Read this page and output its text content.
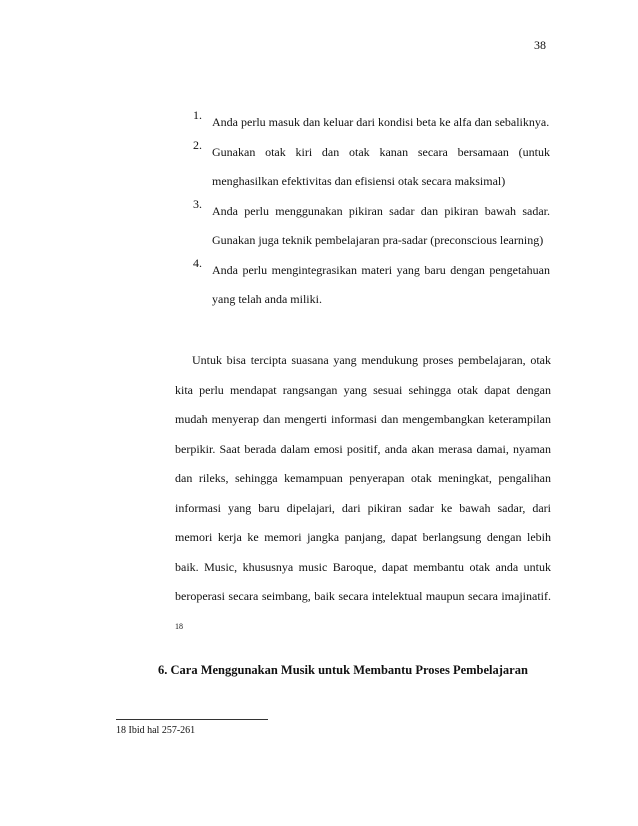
38
1. Anda perlu masuk dan keluar dari kondisi beta ke alfa dan sebaliknya.
2. Gunakan otak kiri dan otak kanan secara bersamaan (untuk menghasilkan efektivitas dan efisiensi otak secara maksimal)
3. Anda perlu menggunakan pikiran sadar dan pikiran bawah sadar. Gunakan juga teknik pembelajaran pra-sadar (preconscious learning)
4. Anda perlu mengintegrasikan materi yang baru dengan pengetahuan yang telah anda miliki.

Untuk bisa tercipta suasana yang mendukung proses pembelajaran, otak kita perlu mendapat rangsangan yang sesuai sehingga otak dapat dengan mudah menyerap dan mengerti informasi dan mengembangkan keterampilan berpikir. Saat berada dalam emosi positif, anda akan merasa damai, nyaman dan rileks, sehingga kemampuan penyerapan otak meningkat, pengalihan informasi yang baru dipelajari, dari pikiran sadar ke bawah sadar, dari memori kerja ke memori jangka panjang, dapat berlangsung dengan lebih baik. Music, khususnya music Baroque, dapat membantu otak anda untuk beroperasi secara seimbang, baik secara intelektual maupun secara imajinatif. $^{18}$

6. Cara Menggunakan Musik untuk Membantu Proses Pembelajaran

18 Ibid hal 257-261
